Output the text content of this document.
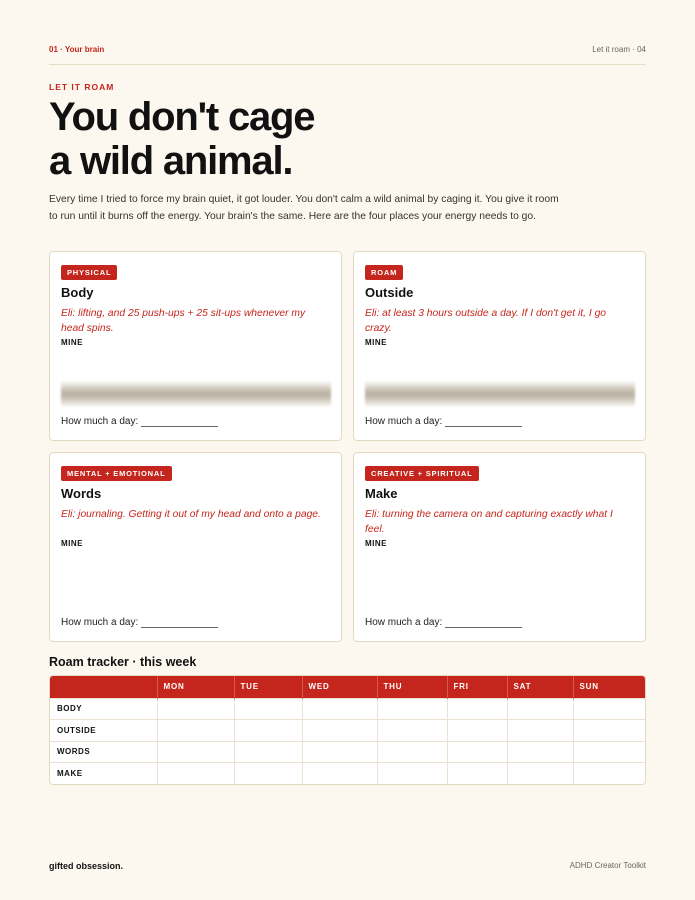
01 · Your brain	Let it roam · 04
LET IT ROAM
You don't cage
a wild animal.

Every time I tried to force my brain quiet, it got louder. You don't calm a wild animal by caging it. You give it room to run until it burns off the energy. Your brain's the same. Here are the four places your energy needs to go.

PHYSICAL
Body
Eli: lifting, and 25 push-ups + 25 sit-ups whenever my head spins.
MINE
How much a day:
ROAM
Outside
Eli: at least 3 hours outside a day. If I don't get it, I go crazy.
MINE
How much a day:
MENTAL + EMOTIONAL
Words
Eli: journaling. Getting it out of my head and onto a page.
MINE
How much a day:
CREATIVE + SPIRITUAL
Make
Eli: turning the camera on and capturing exactly what I feel.
MINE
How much a day:
Roam tracker · this week
	MON	TUE	WED	THU	FRI	SAT	SUN
BODY							
OUTSIDE							
WORDS							
MAKE							
gifted obsession.	ADHD Creator Toolkit
